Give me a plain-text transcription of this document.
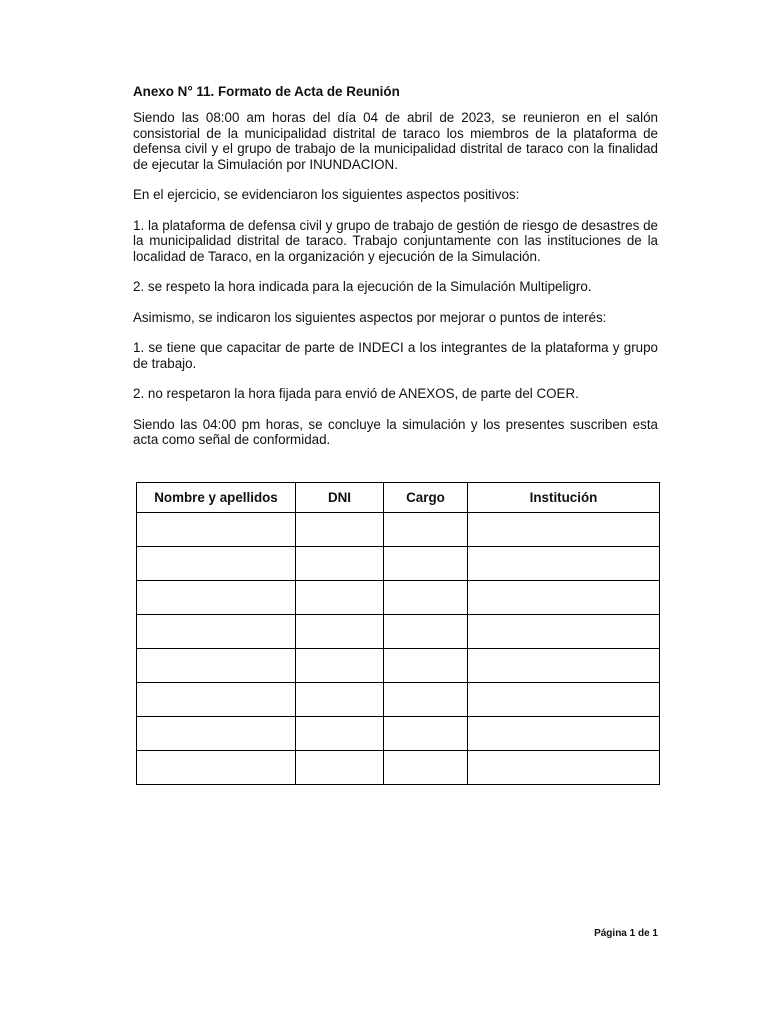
Anexo N° 11. Formato de Acta de Reunión

Siendo las 08:00 am horas del día 04 de abril de 2023, se reunieron en el salón consistorial de la municipalidad distrital de taraco los miembros de la plataforma de defensa civil y el grupo de trabajo de la municipalidad distrital de taraco con la finalidad de ejecutar la Simulación por INUNDACION.

En el ejercicio, se evidenciaron los siguientes aspectos positivos:

1. la plataforma de defensa civil y grupo de trabajo de gestión de riesgo de desastres de la municipalidad distrital de taraco. Trabajo conjuntamente con las instituciones de la localidad de Taraco, en la organización y ejecución de la Simulación.

2. se respeto la hora indicada para la ejecución de la Simulación Multipeligro.

Asimismo, se indicaron los siguientes aspectos por mejorar o puntos de interés:

1. se tiene que capacitar de parte de INDECI a los integrantes de la plataforma y grupo de trabajo.

2. no respetaron la hora fijada para envió de ANEXOS, de parte del COER.

Siendo las 04:00 pm horas, se concluye la simulación y los presentes suscriben esta acta como señal de conformidad.

Nombre y apellidos	DNI	Cargo	Institución

Página 1 de 1
